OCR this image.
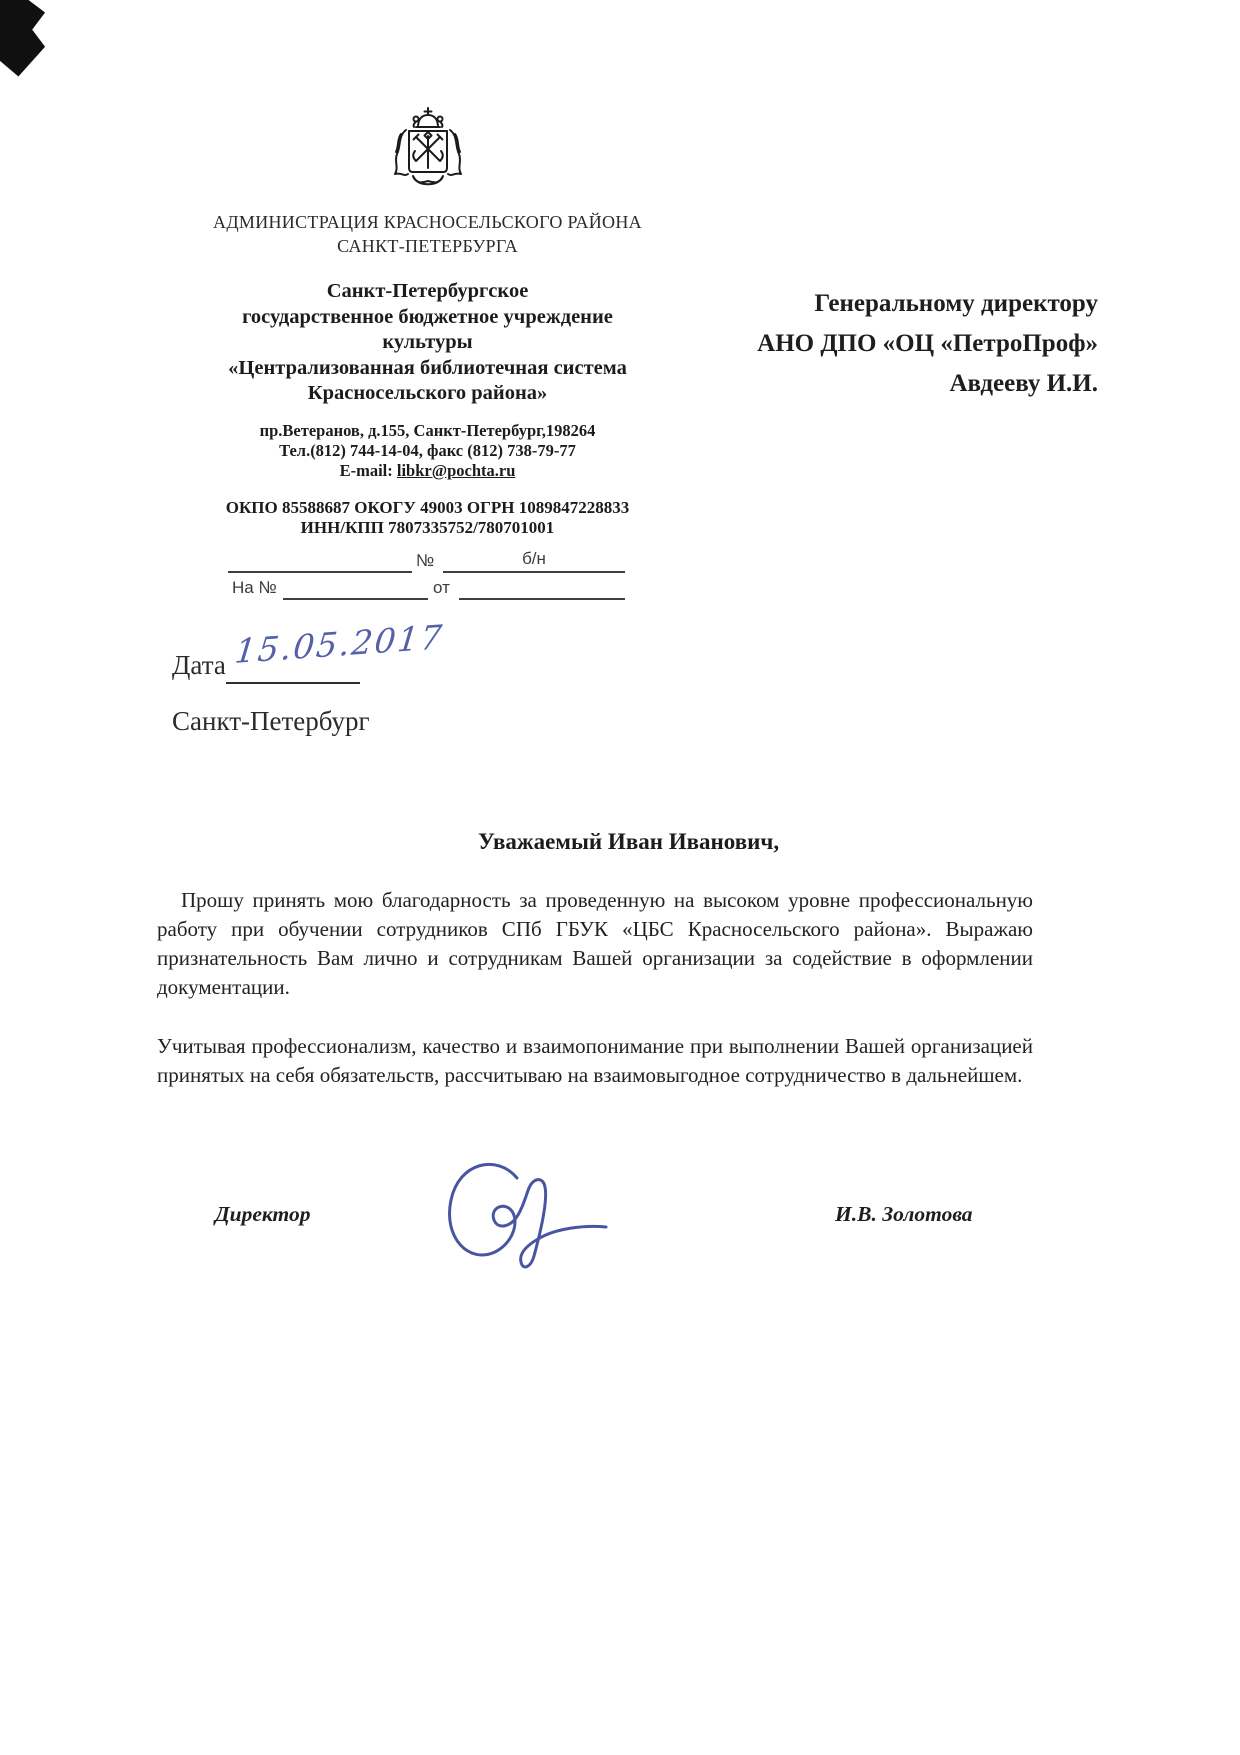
АДМИНИСТРАЦИЯ КРАСНОСЕЛЬСКОГО РАЙОНА
САНКТ-ПЕТЕРБУРГА
Санкт-Петербургское
государственное бюджетное учреждение
культуры
«Централизованная библиотечная система
Красносельского района»
Генеральному директору
АНО ДПО «ОЦ «ПетроПроф»
Авдееву И.И.
пр.Ветеранов, д.155, Санкт-Петербург,198264
Тел.(812) 744-14-04, факс (812) 738-79-77
E-mail: libkr@pochta.ru
ОКПО 85588687 ОКОГУ 49003 ОГРН 1089847228833
ИНН/КПП 7807335752/780701001
№	б/н
На №	от
Дата 15.05.2017
Санкт-Петербург
Уважаемый Иван Иванович,

Прошу принять мою благодарность за проведенную на высоком уровне профессиональную работу при обучении сотрудников СПб ГБУК «ЦБС Красносельского района». Выражаю признательность Вам лично и сотрудникам Вашей организации за содействие в оформлении документации.

Учитывая профессионализм, качество и взаимопонимание при выполнении Вашей организацией принятых на себя обязательств, рассчитываю на взаимовыгодное сотрудничество в дальнейшем.

Директор	И.В. Золотова
